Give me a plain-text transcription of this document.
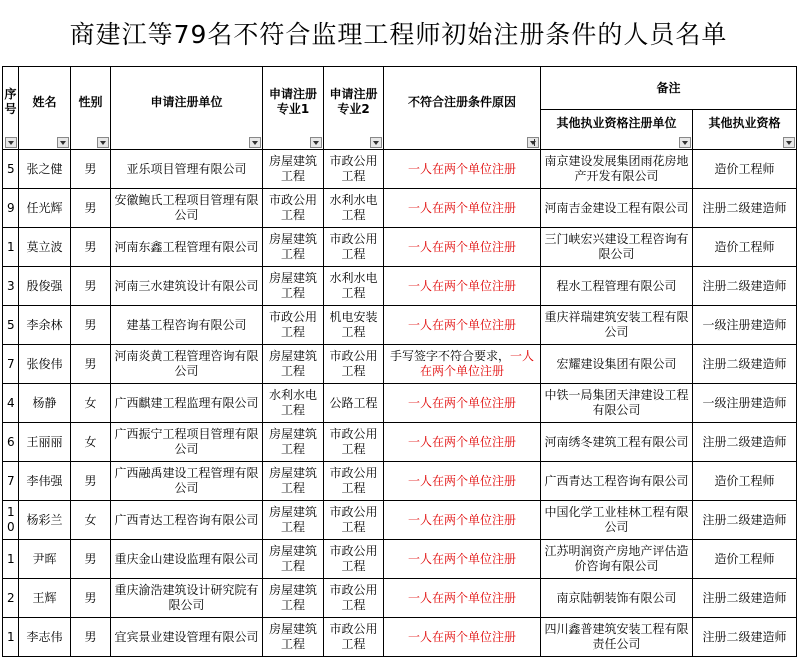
商建江等79名不符合监理工程师初始注册条件的人员名单
序号	姓名	性别	申请注册单位	申请注册专业1	申请注册专业2	不符合注册条件原因	备注	
							其他执业资格注册单位	其他执业资格

5	张之健	男	亚乐项目管理有限公司	房屋建筑工程	市政公用工程	一人在两个单位注册	南京建设发展集团雨花房地产开发有限公司	造价工程师
9	任光辉	男	安徽鲍氏工程项目管理有限公司	市政公用工程	水利水电工程	一人在两个单位注册	河南吉金建设工程有限公司	注册二级建造师
1	莫立波	男	河南东鑫工程管理有限公司	房屋建筑工程	市政公用工程	一人在两个单位注册	三门峡宏兴建设工程咨询有限公司	造价工程师
3	殷俊强	男	河南三水建筑设计有限公司	房屋建筑工程	水利水电工程	一人在两个单位注册	程水工程管理有限公司	注册二级建造师
5	李余林	男	建基工程咨询有限公司	市政公用工程	机电安装工程	一人在两个单位注册	重庆祥瑞建筑安装工程有限公司	一级注册建造师
7	张俊伟	男	河南炎黄工程管理咨询有限公司	房屋建筑工程	市政公用工程	手写签字不符合要求，一人在两个单位注册	宏耀建设集团有限公司	注册二级建造师
4	杨静	女	广西麒建工程监理有限公司	水利水电工程	公路工程	一人在两个单位注册	中铁一局集团天津建设工程有限公司	一级注册建造师
6	王丽丽	女	广西振宁工程项目管理有限公司	房屋建筑工程	市政公用工程	一人在两个单位注册	河南绣冬建筑工程有限公司	注册二级建造师
7	李伟强	男	广西融禹建设工程管理有限公司	房屋建筑工程	市政公用工程	一人在两个单位注册	广西青达工程咨询有限公司	造价工程师
10	杨彩兰	女	广西青达工程咨询有限公司	房屋建筑工程	市政公用工程	一人在两个单位注册	中国化学工业桂林工程有限公司	注册二级建造师
1	尹晖	男	重庆金山建设监理有限公司	房屋建筑工程	市政公用工程	一人在两个单位注册	江苏明润资产房地产评估造价咨询有限公司	造价工程师
2	王辉	男	重庆渝浩建筑设计研究院有限公司	房屋建筑工程	市政公用工程	一人在两个单位注册	南京陆朝装饰有限公司	注册二级建造师
1	李志伟	男	宜宾景业建设管理有限公司	房屋建筑工程	市政公用工程	一人在两个单位注册	四川鑫普建筑安装工程有限责任公司	注册二级建造师
